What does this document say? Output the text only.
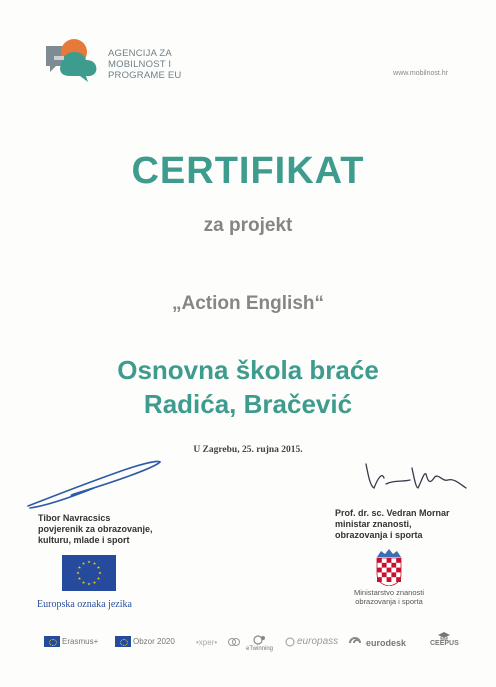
AGENCIJA ZA
MOBILNOST I
PROGRAME EU	www.mobilnost.hr
CERTIFIKAT
za projekt
„Action English“
Osnovna škola braće
Radića, Bračević
U Zagrebu, 25. rujna 2015.
Tibor Navracsics
povjerenik za obrazovanje,
kulturu, mlade i sport
Prof. dr. sc. Vedran Mornar
ministar znanosti,
obrazovanja i sporta
Europska oznaka jezika
Ministarstvo znanosti
obrazovanja i sporta
Erasmus+	Obzor 2020	•xper•
eTwinning
europass	eurodesk	CEEPUS
